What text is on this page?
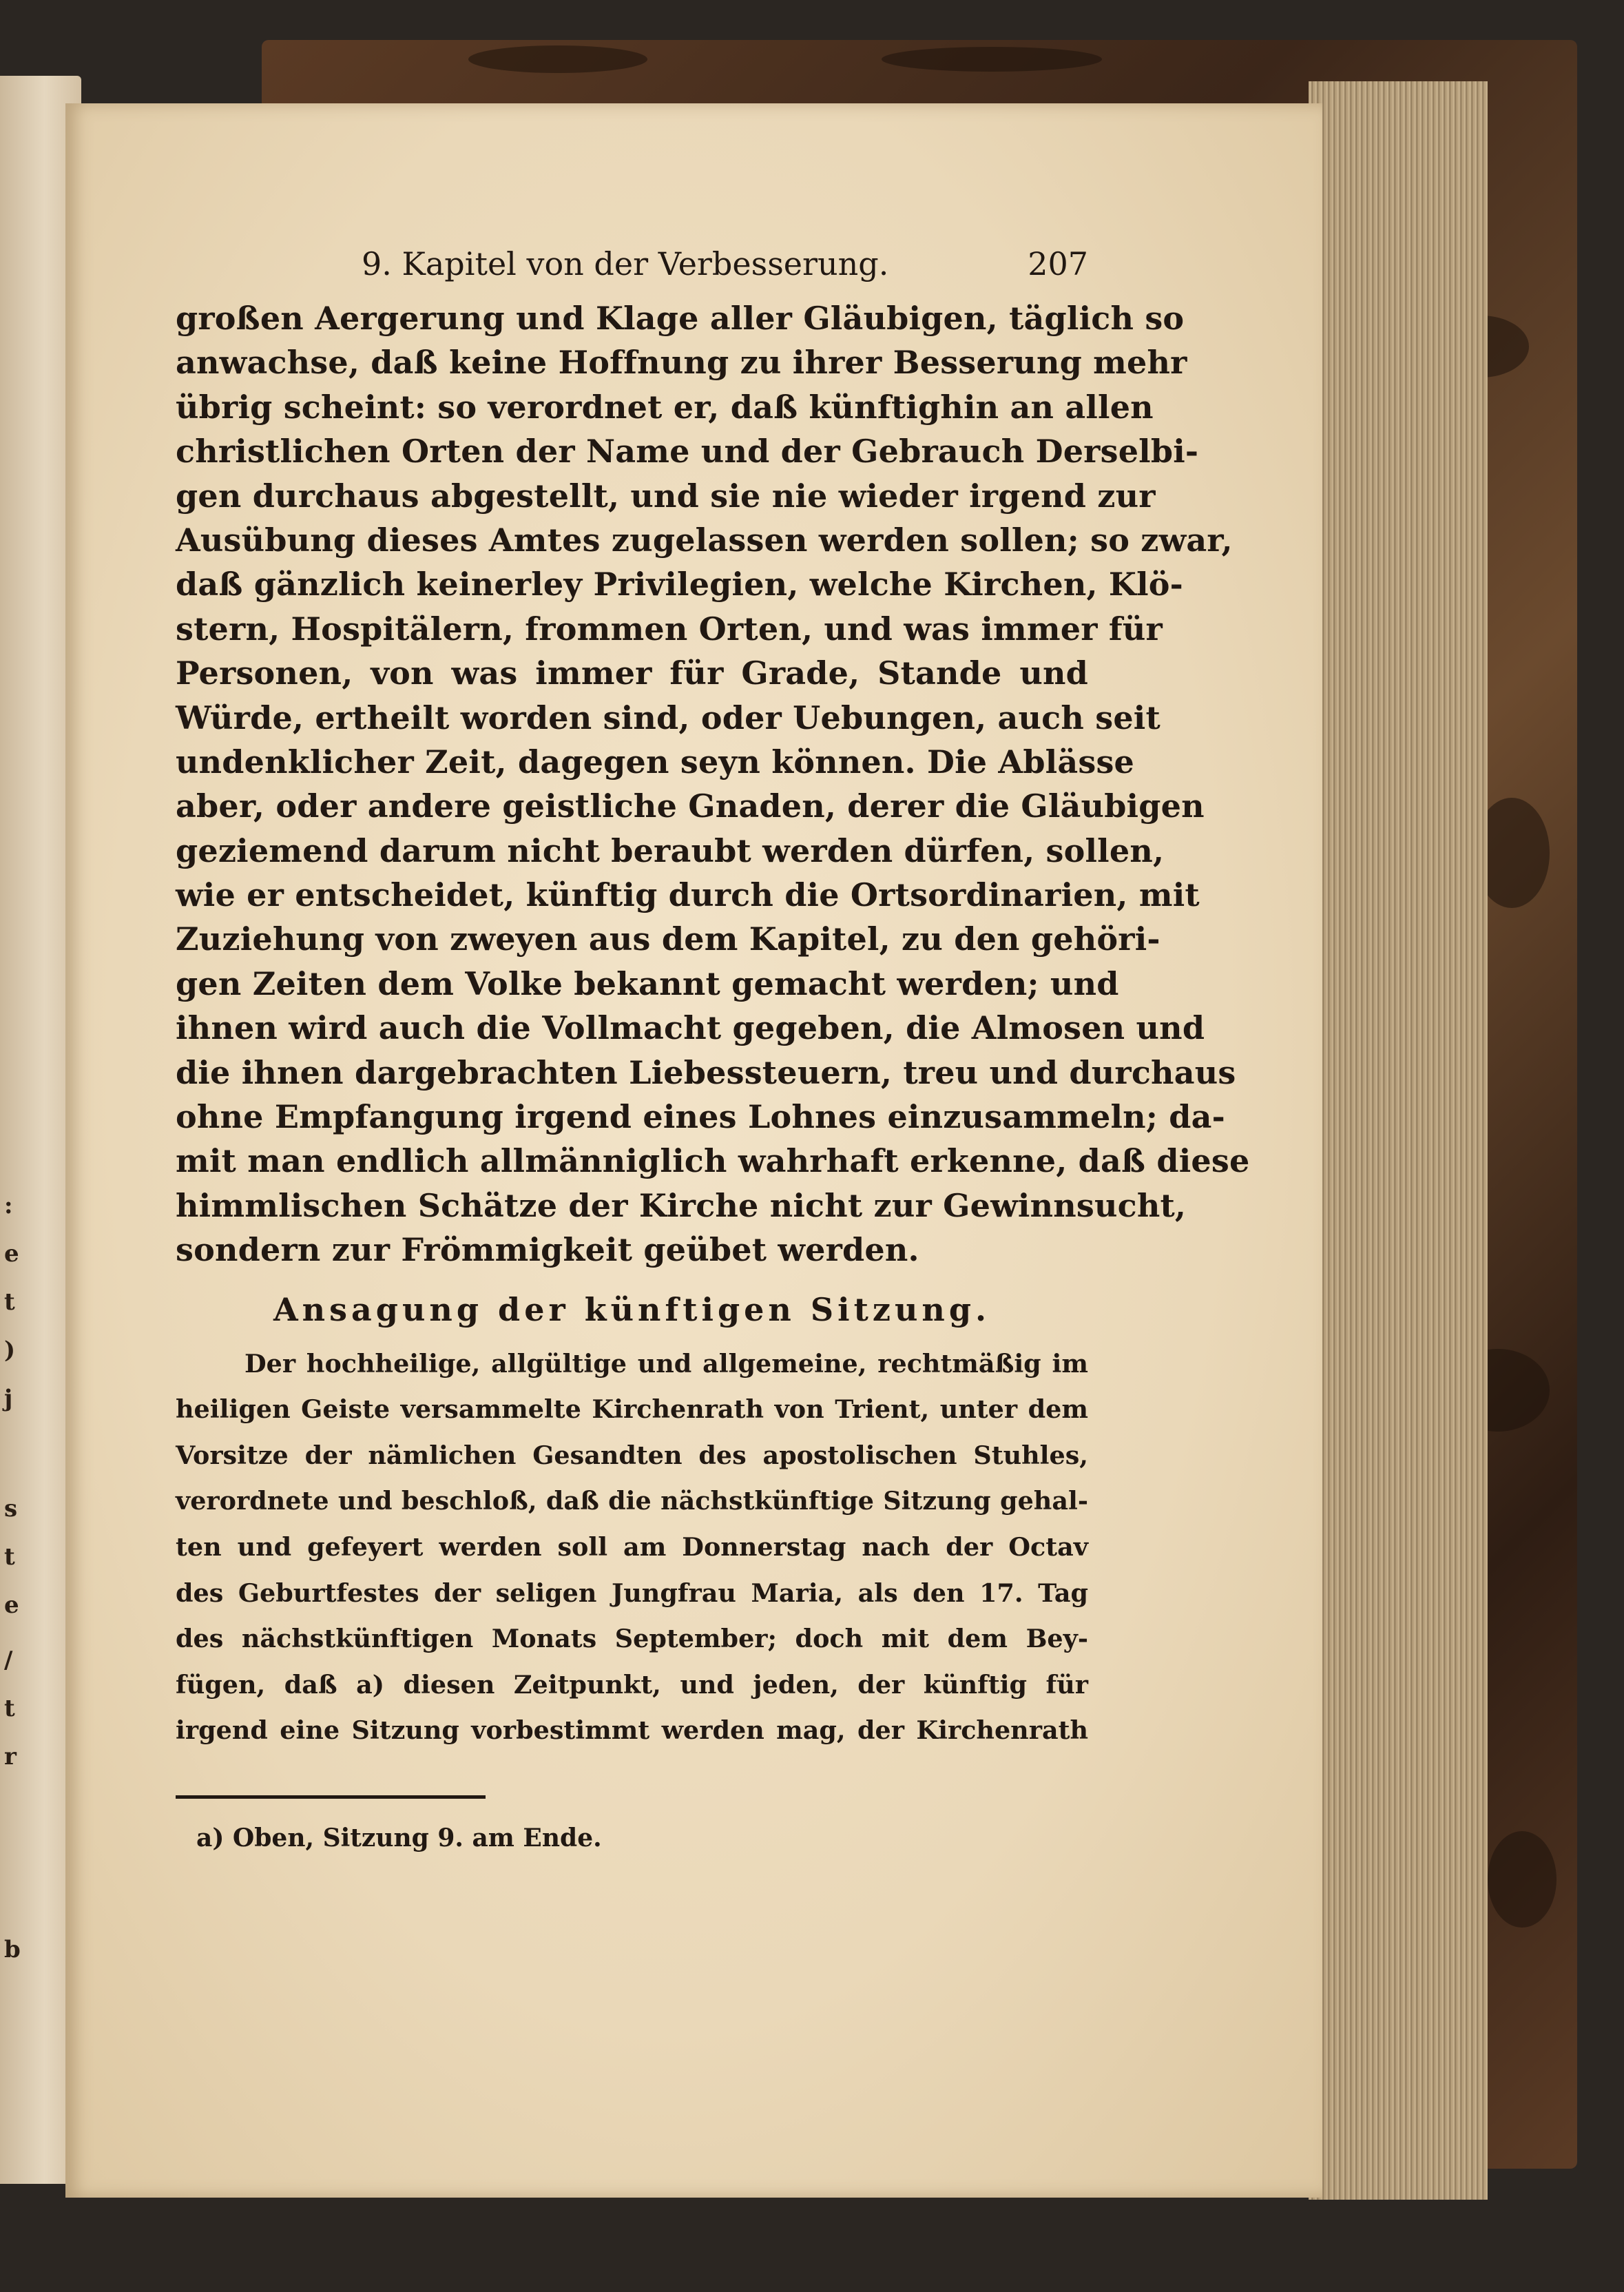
:
e
t
)
j
s
t
e
/
t
r
b
9. Kapitel von der Verbesserung.	207
großen Aergerung und Klage aller Gläubigen, täglich so
anwachse, daß keine Hoffnung zu ihrer Besserung mehr
übrig scheint: so verordnet er, daß künftighin an allen
christlichen Orten der Name und der Gebrauch Derselbi-
gen durchaus abgestellt, und sie nie wieder irgend zur
Ausübung dieses Amtes zugelassen werden sollen; so zwar,
daß gänzlich keinerley Privilegien, welche Kirchen, Klö-
stern, Hospitälern, frommen Orten, und was immer für
Personen, von was immer für Grade, Stande und
Würde, ertheilt worden sind, oder Uebungen, auch seit
undenklicher Zeit, dagegen seyn können. Die Ablässe
aber, oder andere geistliche Gnaden, derer die Gläubigen
geziemend darum nicht beraubt werden dürfen, sollen,
wie er entscheidet, künftig durch die Ortsordinarien, mit
Zuziehung von zweyen aus dem Kapitel, zu den gehöri-
gen Zeiten dem Volke bekannt gemacht werden; und
ihnen wird auch die Vollmacht gegeben, die Almosen und
die ihnen dargebrachten Liebessteuern, treu und durchaus
ohne Empfangung irgend eines Lohnes einzusammeln; da-
mit man endlich allmänniglich wahrhaft erkenne, daß diese
himmlischen Schätze der Kirche nicht zur Gewinnsucht,
sondern zur Frömmigkeit geübet werden.
Ansagung der künftigen Sitzung.
Der hochheilige, allgültige und allgemeine, rechtmäßig im
heiligen Geiste versammelte Kirchenrath von Trient, unter dem
Vorsitze der nämlichen Gesandten des apostolischen Stuhles,
verordnete und beschloß, daß die nächstkünftige Sitzung gehal-
ten und gefeyert werden soll am Donnerstag nach der Octav
des Geburtfestes der seligen Jungfrau Maria, als den 17. Tag
des nächstkünftigen Monats September; doch mit dem Bey-
fügen, daß a) diesen Zeitpunkt, und jeden, der künftig für
irgend eine Sitzung vorbestimmt werden mag, der Kirchenrath
a) Oben, Sitzung 9. am Ende.
